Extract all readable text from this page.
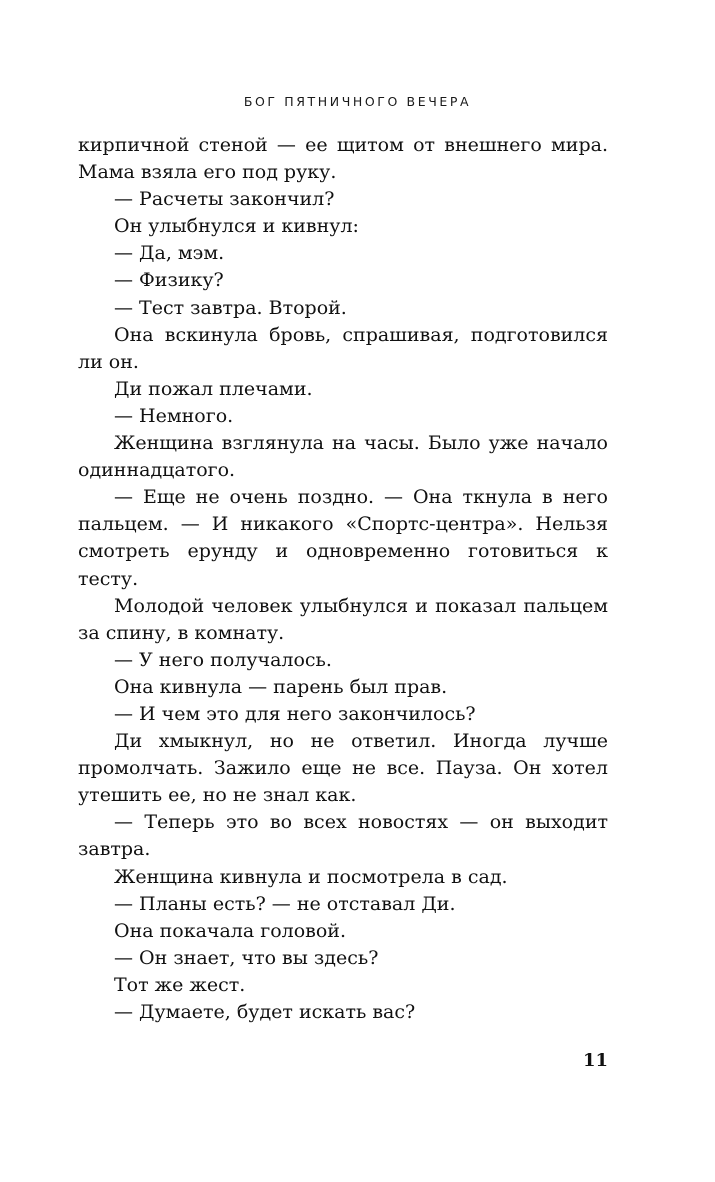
БОГ ПЯТНИЧНОГО ВЕЧЕРА

кирпичной стеной — ее щитом от внешнего мира. Мама взяла его под руку.

— Расчеты закончил?

Он улыбнулся и кивнул:

— Да, мэм.

— Физику?

— Тест завтра. Второй.

Она вскинула бровь, спрашивая, подготовился ли он.

Ди пожал плечами.

— Немного.

Женщина взглянула на часы. Было уже начало одиннадцатого.

— Еще не очень поздно. — Она ткнула в него пальцем. — И никакого «Спортс-центра». Нельзя смотреть ерунду и одновременно готовиться к тесту.

Молодой человек улыбнулся и показал пальцем за спину, в комнату.

— У него получалось.

Она кивнула — парень был прав.

— И чем это для него закончилось?

Ди хмыкнул, но не ответил. Иногда лучше промолчать. Зажило еще не все. Пауза. Он хотел утешить ее, но не знал как.

— Теперь это во всех новостях — он выходит завтра.

Женщина кивнула и посмотрела в сад.

— Планы есть? — не отставал Ди.

Она покачала головой.

— Он знает, что вы здесь?

Тот же жест.

— Думаете, будет искать вас?

11
